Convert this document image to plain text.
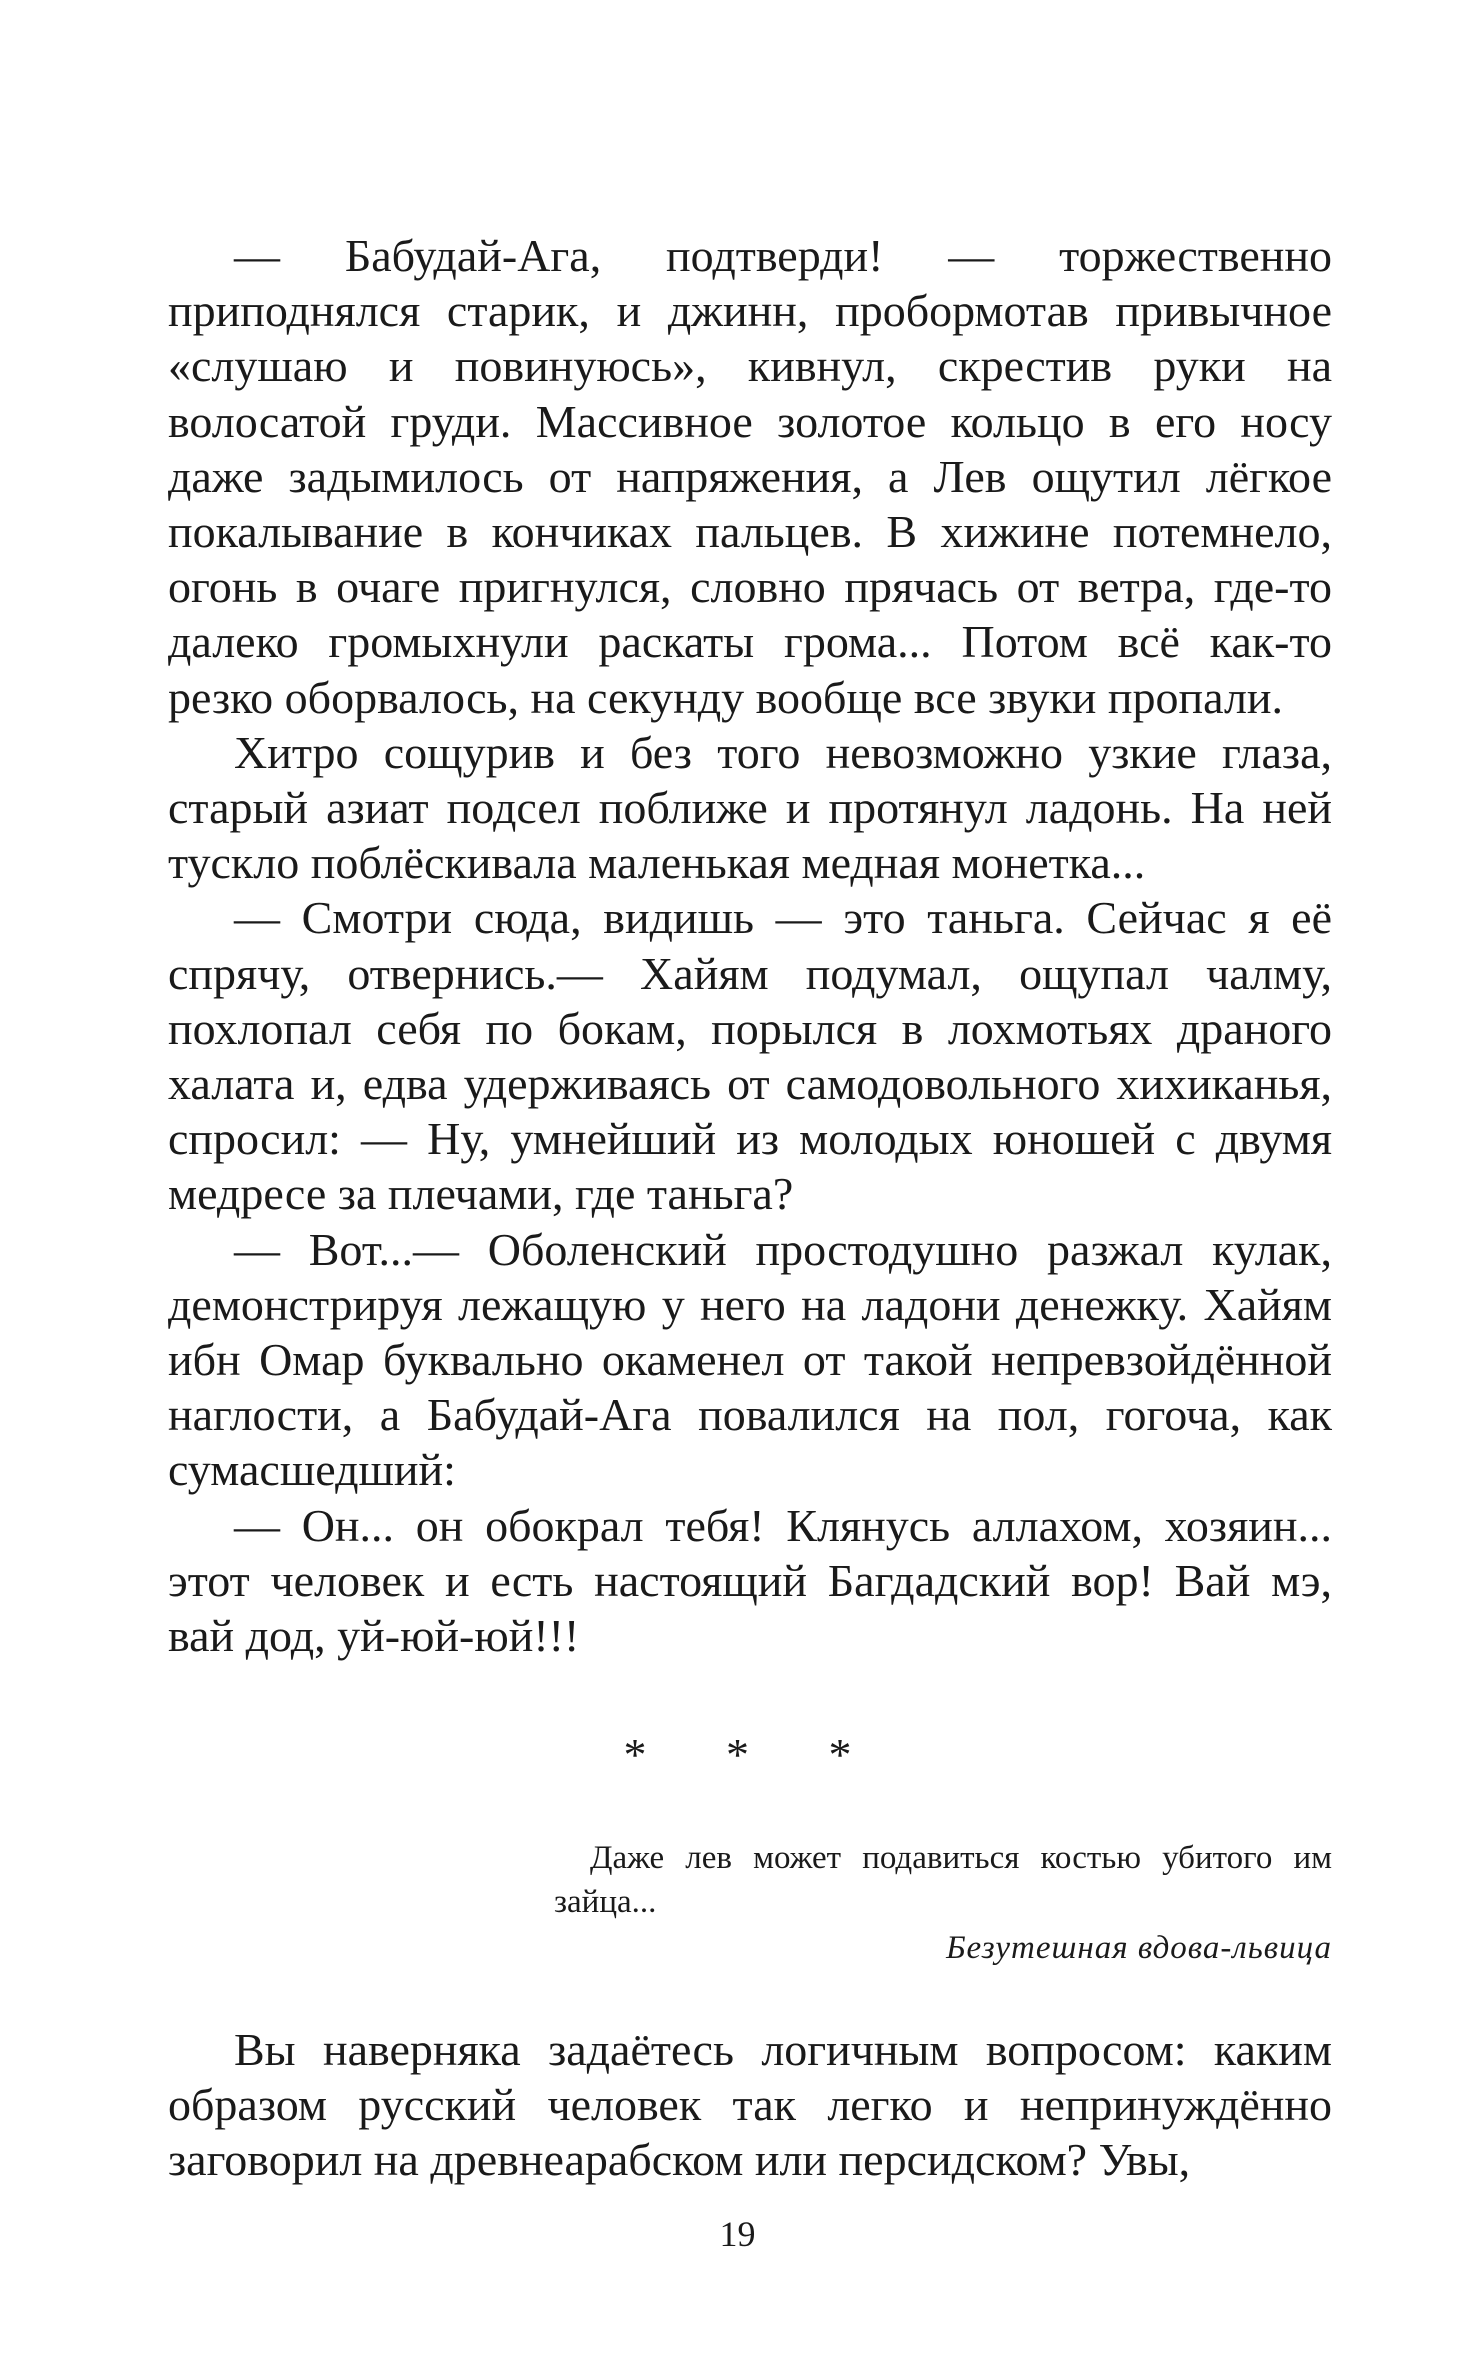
— Бабудай-Ага, подтверди! — торжественно приподнялся старик, и джинн, пробормотав привычное «слушаю и повинуюсь», кивнул, скрестив руки на волосатой груди. Массивное золотое кольцо в его носу даже задымилось от напряжения, а Лев ощутил лёгкое покалывание в кончиках пальцев. В хижине потемнело, огонь в очаге пригнулся, словно прячась от ветра, где-то далеко громыхнули раскаты грома... Потом всё как-то резко оборвалось, на секунду вообще все звуки пропали.

Хитро сощурив и без того невозможно узкие глаза, старый азиат подсел поближе и протянул ладонь. На ней тускло поблёскивала маленькая медная монетка...

— Смотри сюда, видишь — это таньга. Сейчас я её спрячу, отвернись.— Хайям подумал, ощупал чалму, похлопал себя по бокам, порылся в лохмотьях драного халата и, едва удерживаясь от самодовольного хихиканья, спросил: — Ну, умнейший из молодых юношей с двумя медресе за плечами, где таньга?

— Вот...— Оболенский простодушно разжал кулак, демонстрируя лежащую у него на ладони денежку. Хайям ибн Омар буквально окаменел от такой непревзойдённой наглости, а Бабудай-Ага повалился на пол, гогоча, как сумасшедший:

— Он... он обокрал тебя! Клянусь аллахом, хозяин... этот человек и есть настоящий Багдадский вор! Вай мэ, вай дод, уй-юй-юй!!!

* * *

Даже лев может подавиться костью убитого им зайца...

Безутешная вдова-львица

Вы наверняка задаётесь логичным вопросом: каким образом русский человек так легко и непринуждённо заговорил на древнеарабском или персидском? Увы,

19
